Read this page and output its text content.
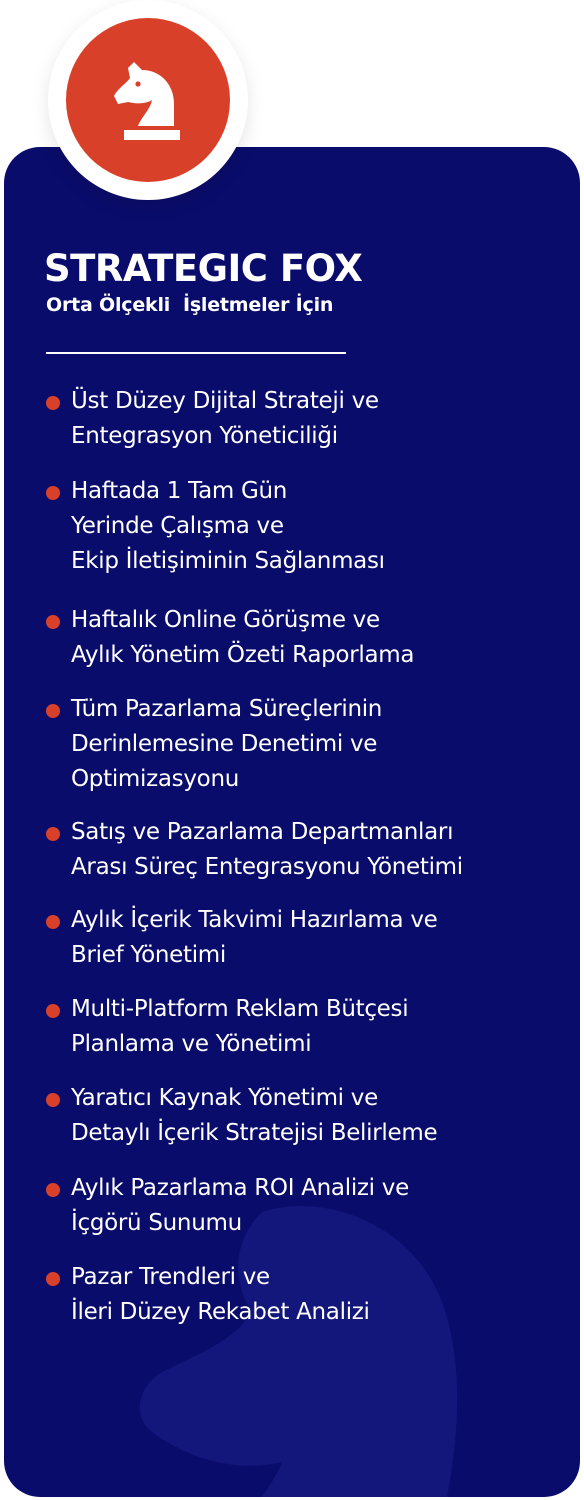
STRATEGIC FOX
Orta Ölçekli  İşletmeler İçin
Üst Düzey Dijital Strateji ve
Entegrasyon Yöneticiliği
Haftada 1 Tam Gün
Yerinde Çalışma ve
Ekip İletişiminin Sağlanması
Haftalık Online Görüşme ve
Aylık Yönetim Özeti Raporlama
Tüm Pazarlama Süreçlerinin
Derinlemesine Denetimi ve
Optimizasyonu
Satış ve Pazarlama Departmanları
Arası Süreç Entegrasyonu Yönetimi
Aylık İçerik Takvimi Hazırlama ve
Brief Yönetimi
Multi-Platform Reklam Bütçesi
Planlama ve Yönetimi
Yaratıcı Kaynak Yönetimi ve
Detaylı İçerik Stratejisi Belirleme
Aylık Pazarlama ROI Analizi ve
İçgörü Sunumu
Pazar Trendleri ve
İleri Düzey Rekabet Analizi
